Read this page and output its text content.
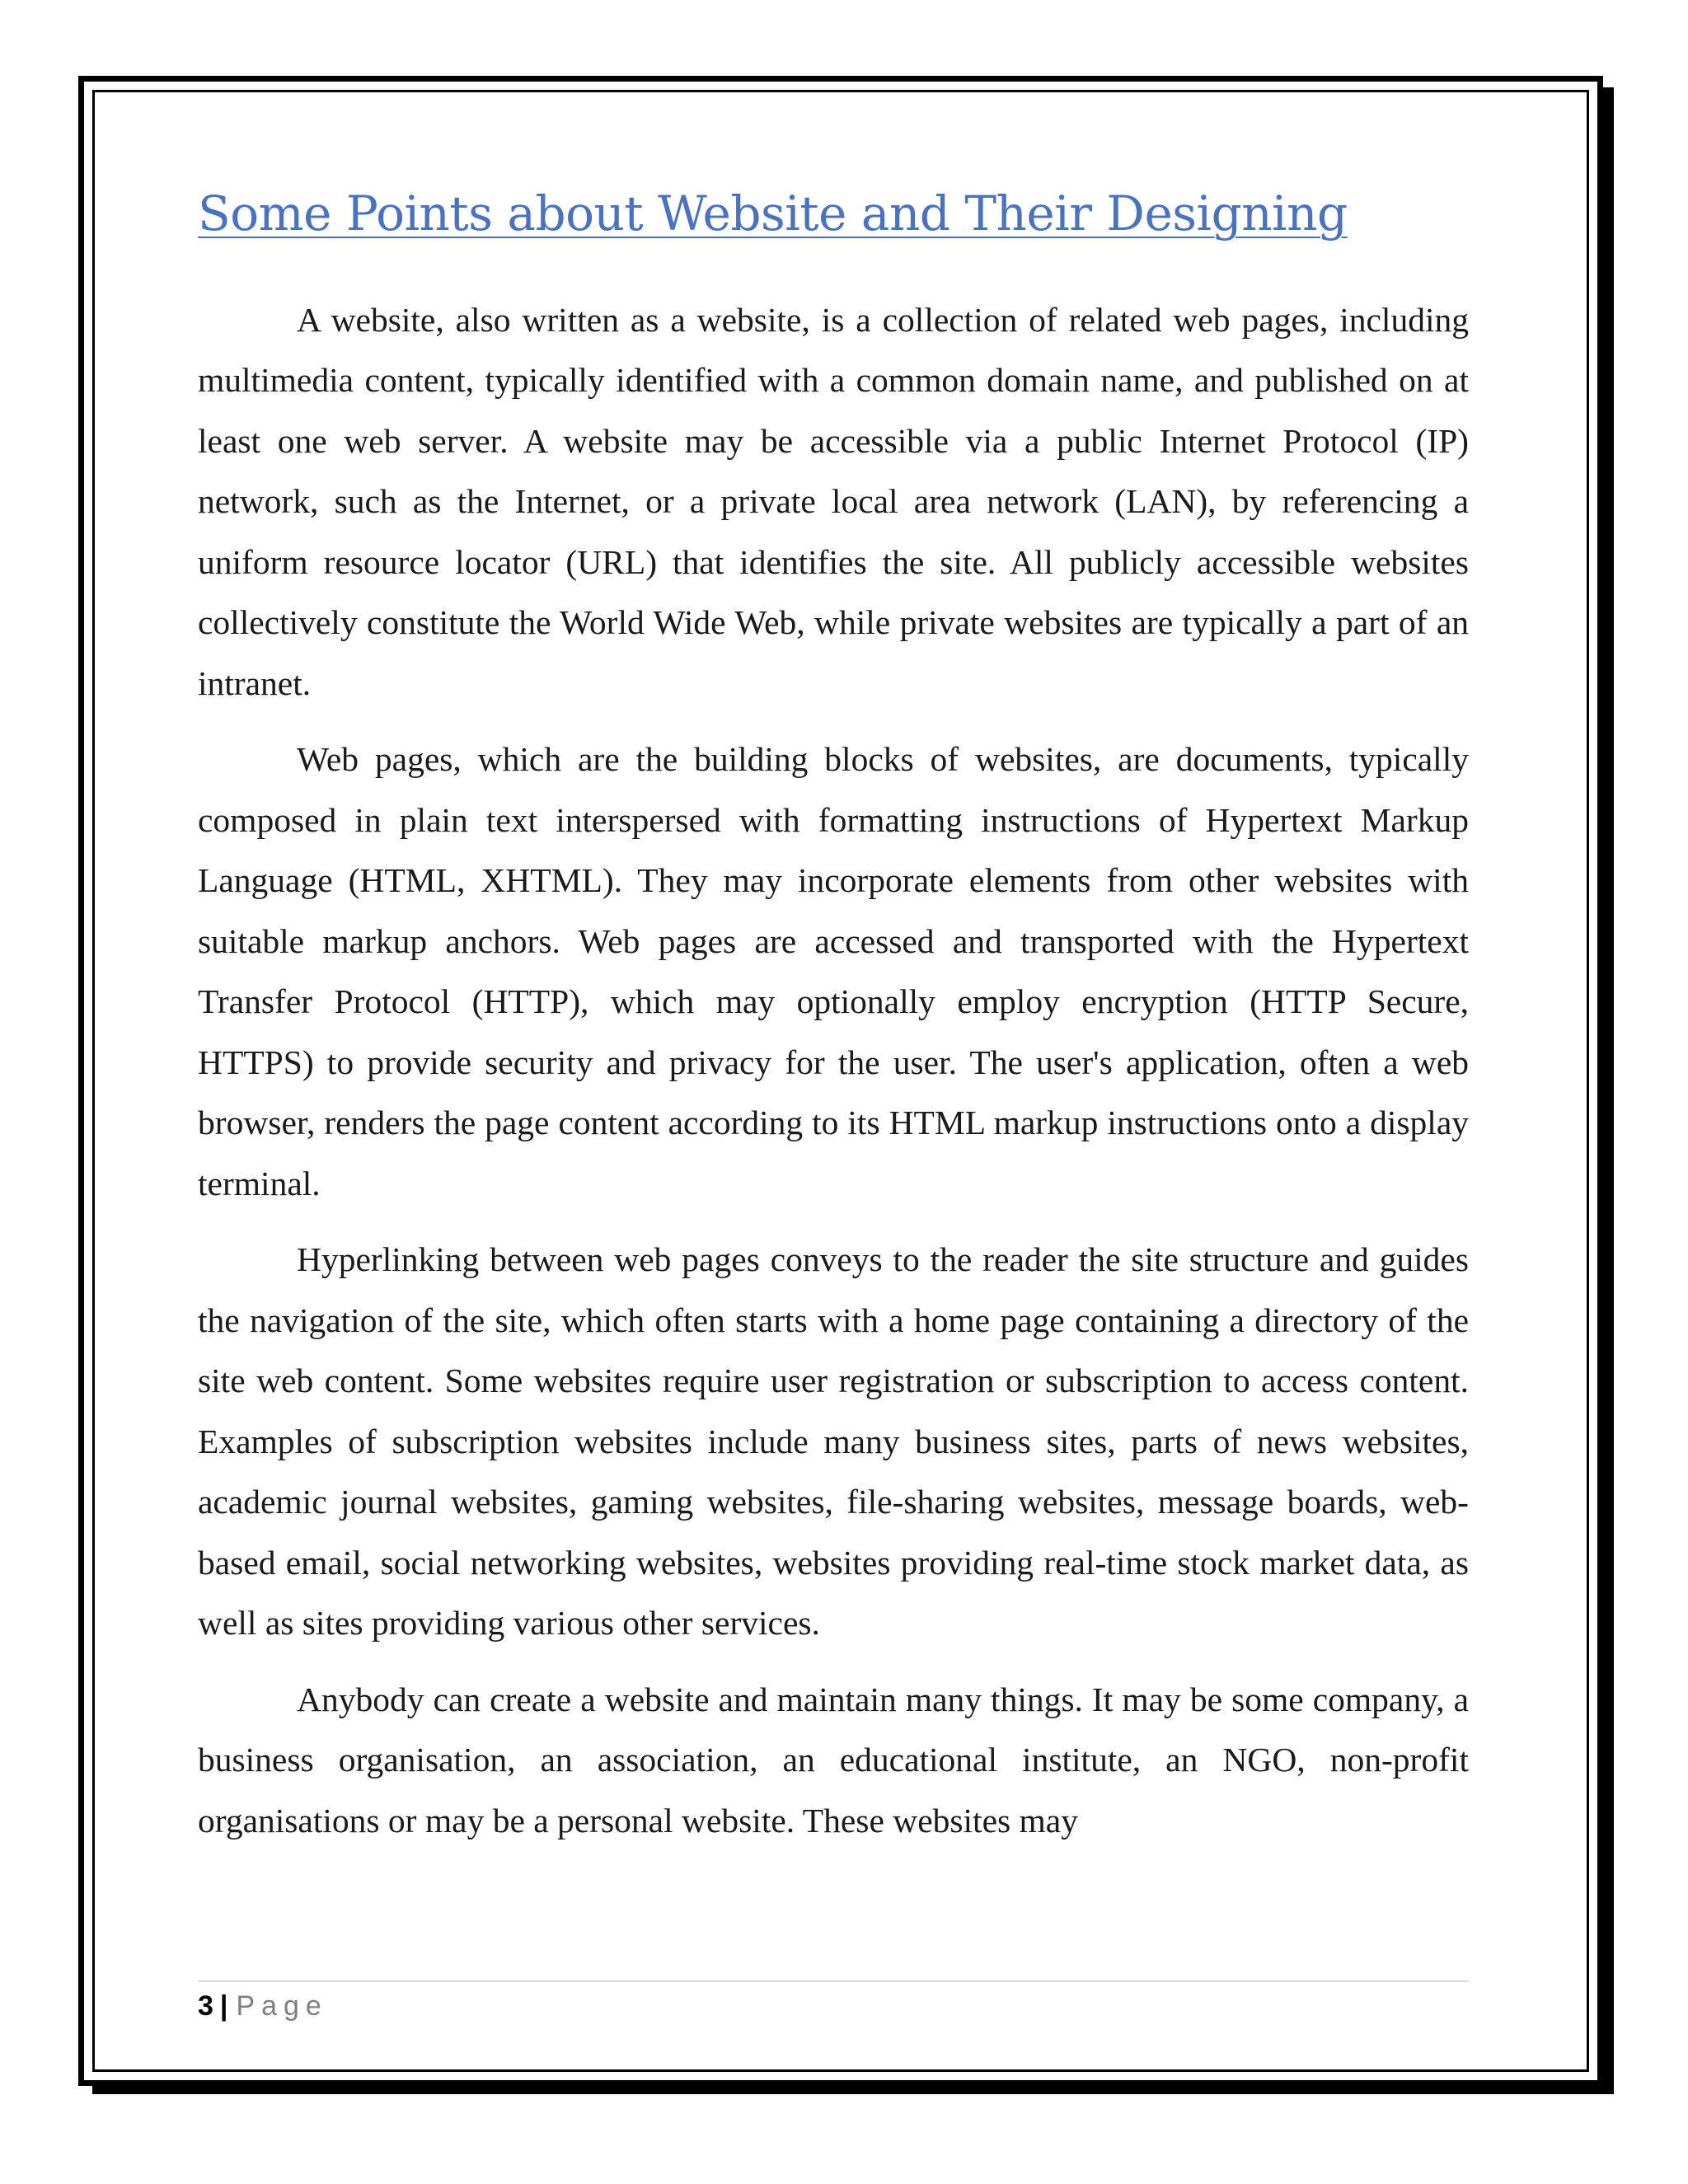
Some Points about Website and Their Designing

A website, also written as a website, is a collection of related web pages, including multimedia content, typically identified with a common domain name, and published on at least one web server. A website may be accessible via a public Internet Protocol (IP) network, such as the Internet, or a private local area network (LAN), by referencing a uniform resource locator (URL) that identifies the site. All publicly accessible websites collectively constitute the World Wide Web, while private websites are typically a part of an intranet.

Web pages, which are the building blocks of websites, are documents, typically composed in plain text interspersed with formatting instructions of Hypertext Markup Language (HTML, XHTML). They may incorporate elements from other websites with suitable markup anchors. Web pages are accessed and transported with the Hypertext Transfer Protocol (HTTP), which may optionally employ encryption (HTTP Secure, HTTPS) to provide security and privacy for the user. The user's application, often a web browser, renders the page content according to its HTML markup instructions onto a display terminal.

Hyperlinking between web pages conveys to the reader the site structure and guides the navigation of the site, which often starts with a home page containing a directory of the site web content. Some websites require user registration or subscription to access content. Examples of subscription websites include many business sites, parts of news websites, academic journal websites, gaming websites, file-sharing websites, message boards, web-based email, social networking websites, websites providing real-time stock market data, as well as sites providing various other services.

Anybody can create a website and maintain many things. It may be some company, a business organisation, an association, an educational institute, an NGO, non-profit organisations or may be a personal website. These websites may

3 | Page
